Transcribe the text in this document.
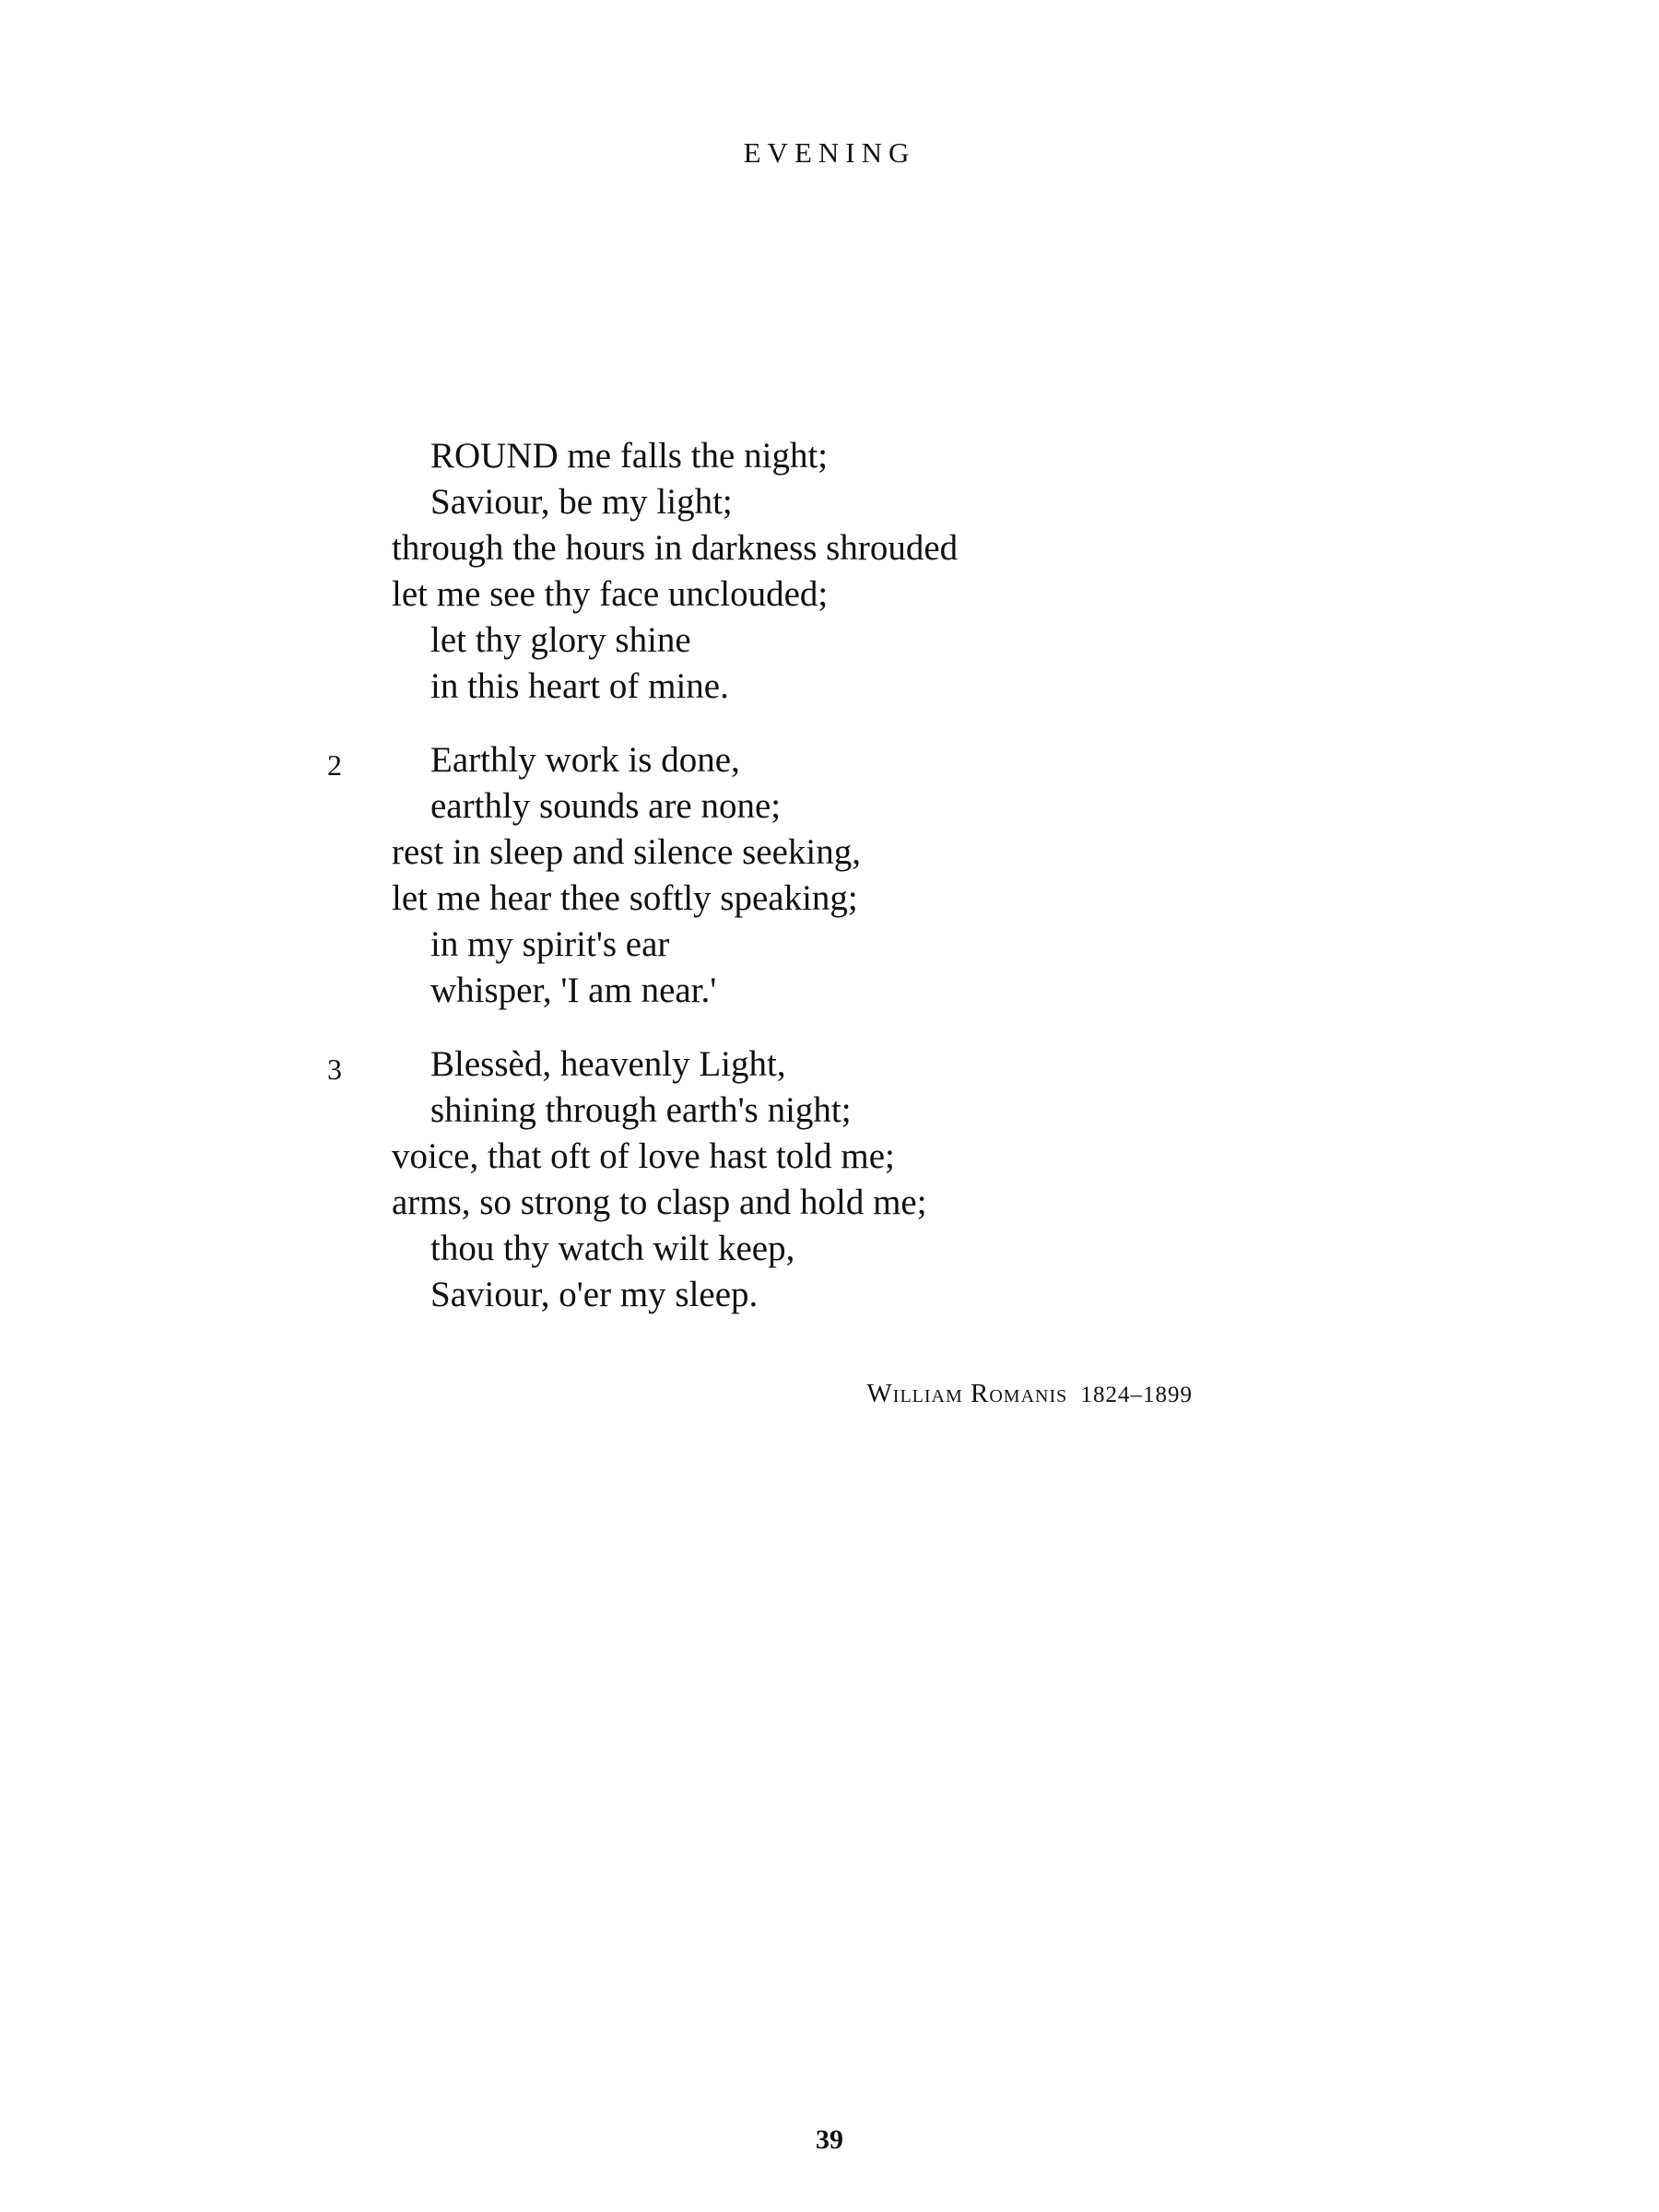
EVENING
ROUND me falls the night;
Saviour, be my light;
through the hours in darkness shrouded
let me see thy face unclouded;
let thy glory shine
in this heart of mine.
2	Earthly work is done,
earthly sounds are none;
rest in sleep and silence seeking,
let me hear thee softly speaking;
in my spirit's ear
whisper, 'I am near.'
3	Blessèd, heavenly Light,
shining through earth's night;
voice, that oft of love hast told me;
arms, so strong to clasp and hold me;
thou thy watch wilt keep,
Saviour, o'er my sleep.
William Romanis 1824–1899
39
